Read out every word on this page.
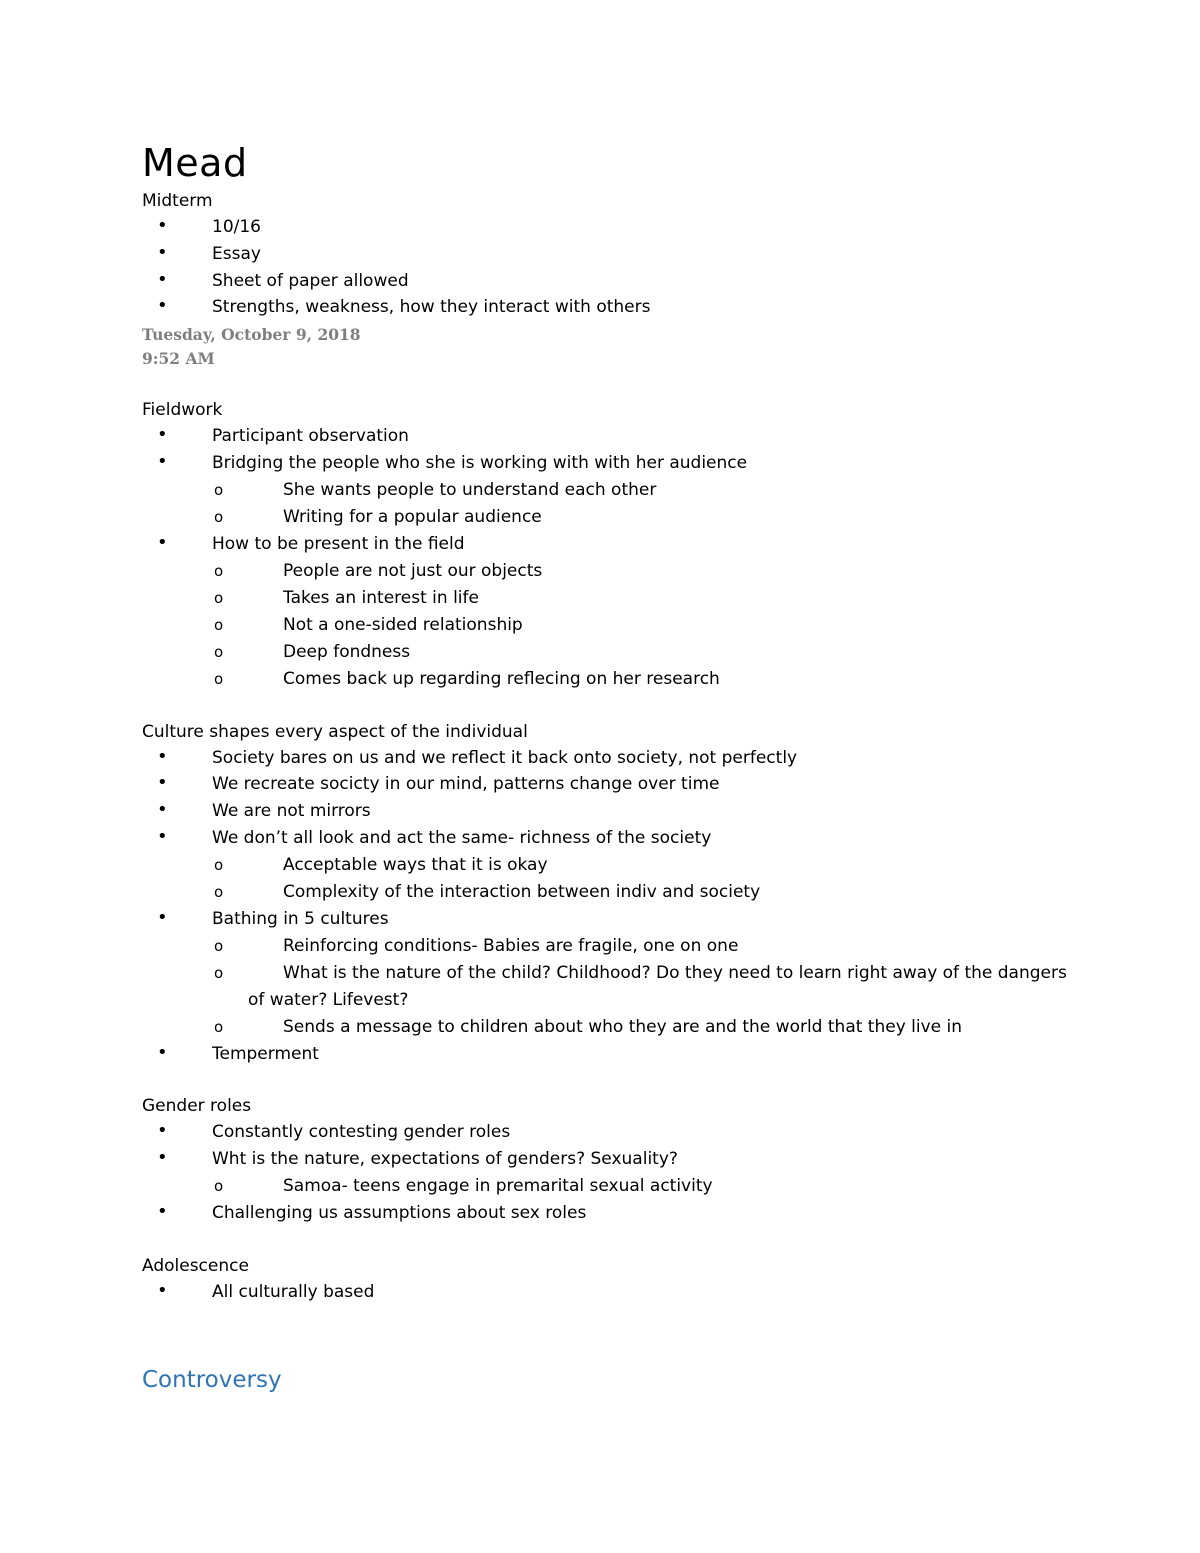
Mead
Midterm
•	10/16
•	Essay
•	Sheet of paper allowed
•	Strengths, weakness, how they interact with others
Tuesday, October 9, 2018
9:52 AM
Fieldwork
•	Participant observation
•	Bridging the people who she is working with with her audience
o	She wants people to understand each other
o	Writing for a popular audience
•	How to be present in the field
o	People are not just our objects
o	Takes an interest in life
o	Not a one-sided relationship
o	Deep fondness
o	Comes back up regarding reflecing on her research
Culture shapes every aspect of the individual
•	Society bares on us and we reflect it back onto society, not perfectly
•	We recreate socicty in our mind, patterns change over time
•	We are not mirrors
•	We don’t all look and act the same- richness of the society
o	Acceptable ways that it is okay
o	Complexity of the interaction between indiv and society
•	Bathing in 5 cultures
o	Reinforcing conditions- Babies are fragile, one on one
o	What is the nature of the child? Childhood? Do they need to learn right away of the dangers of water? Lifevest?
o	Sends a message to children about who they are and the world that they live in
•	Temperment
Gender roles
•	Constantly contesting gender roles
•	Wht is the nature, expectations of genders? Sexuality?
o	Samoa- teens engage in premarital sexual activity
•	Challenging us assumptions about sex roles
Adolescence
•	All culturally based
Controversy
